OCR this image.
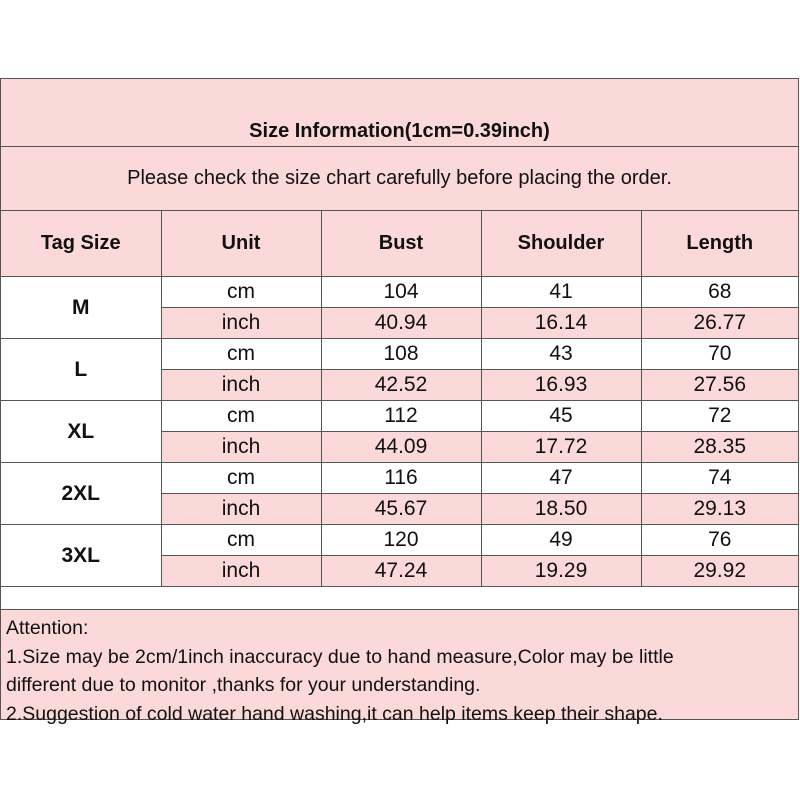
Size Information(1cm=0.39inch)
Please check the size chart carefully before placing the order.
Tag Size	Unit	Bust	Shoulder	Length
M	cm	104	41	68
	inch	40.94	16.14	26.77
L	cm	108	43	70
	inch	42.52	16.93	27.56
XL	cm	112	45	72
	inch	44.09	17.72	28.35
2XL	cm	116	47	74
	inch	45.67	18.50	29.13
3XL	cm	120	49	76
	inch	47.24	19.29	29.92
Attention:
1.Size may be 2cm/1inch inaccuracy due to hand measure,Color may be little
different due to monitor ,thanks for your understanding.
2.Suggestion of cold water hand washing,it can help items keep their shape.
